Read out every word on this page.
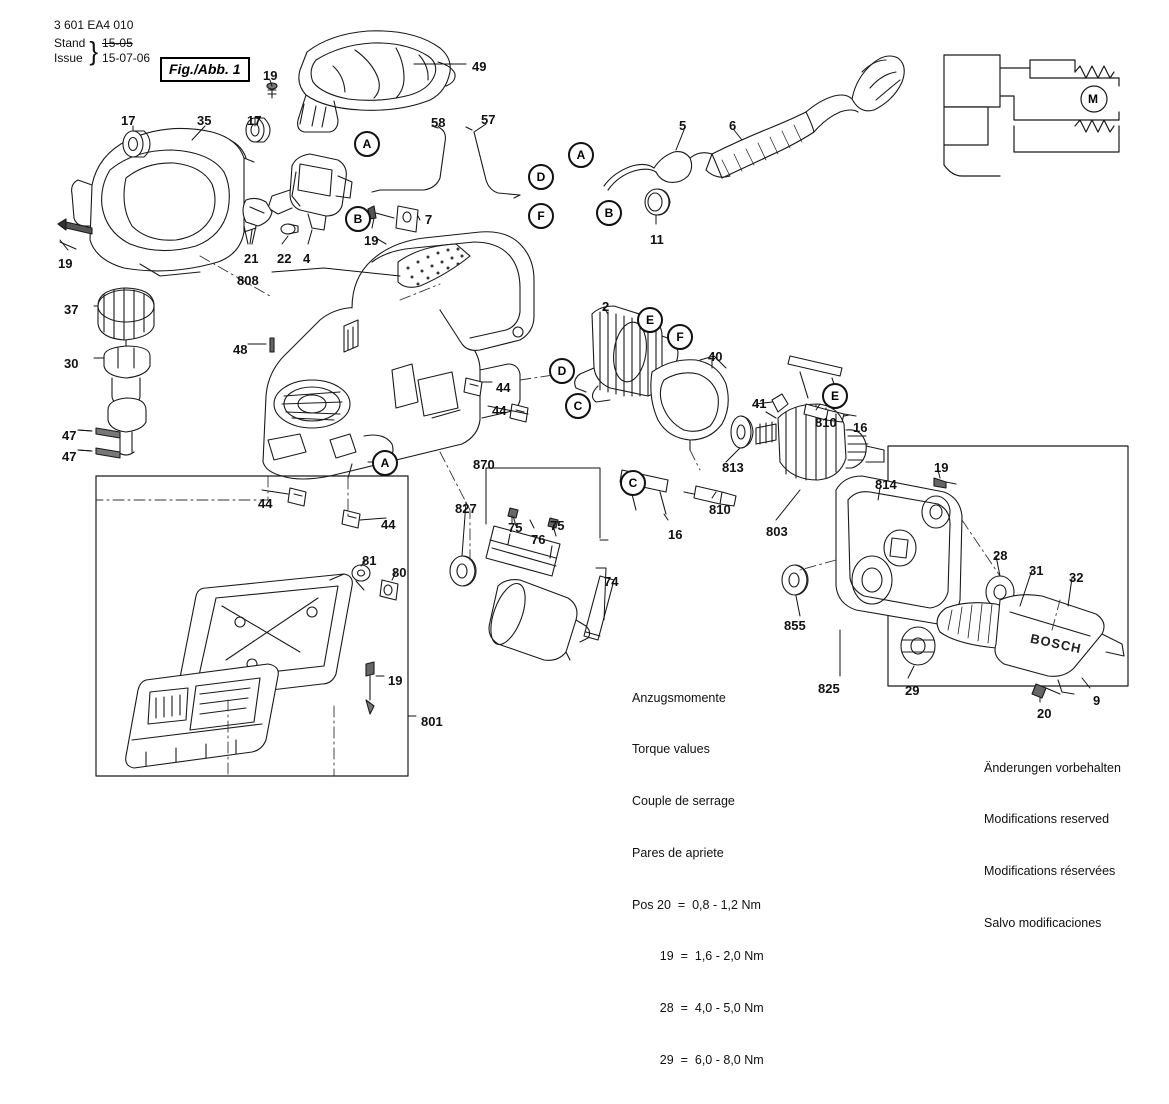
3 601 EA4 010
Stand
Issue } 15-05
15-07-06
Fig./Abb. 1
M
BOSCH

Anzugsmomente

Torque values

Couple de serrage

Pares de apriete

Pos 20  =  0,8 - 1,2 Nm

19  =  1,6 - 2,0 Nm

28  =  4,0 - 5,0 Nm

29  =  6,0 - 8,0 Nm

Änderungen vorbehalten

Modifications reserved

Modifications réservées

Salvo modificaciones

49
19
17	35	17	58	57	5	6
7
11
19
21 22 4
19
808
2
37
30
48	40
41
16
810
44
44
47
47
813
870	19
827
814
810
16	803
44
44	75
76
75
74
81
80
28
31 32
855
825	29
9
20
19
801
A
B
D
F
A
B
E
F
D
C
E
C
A
